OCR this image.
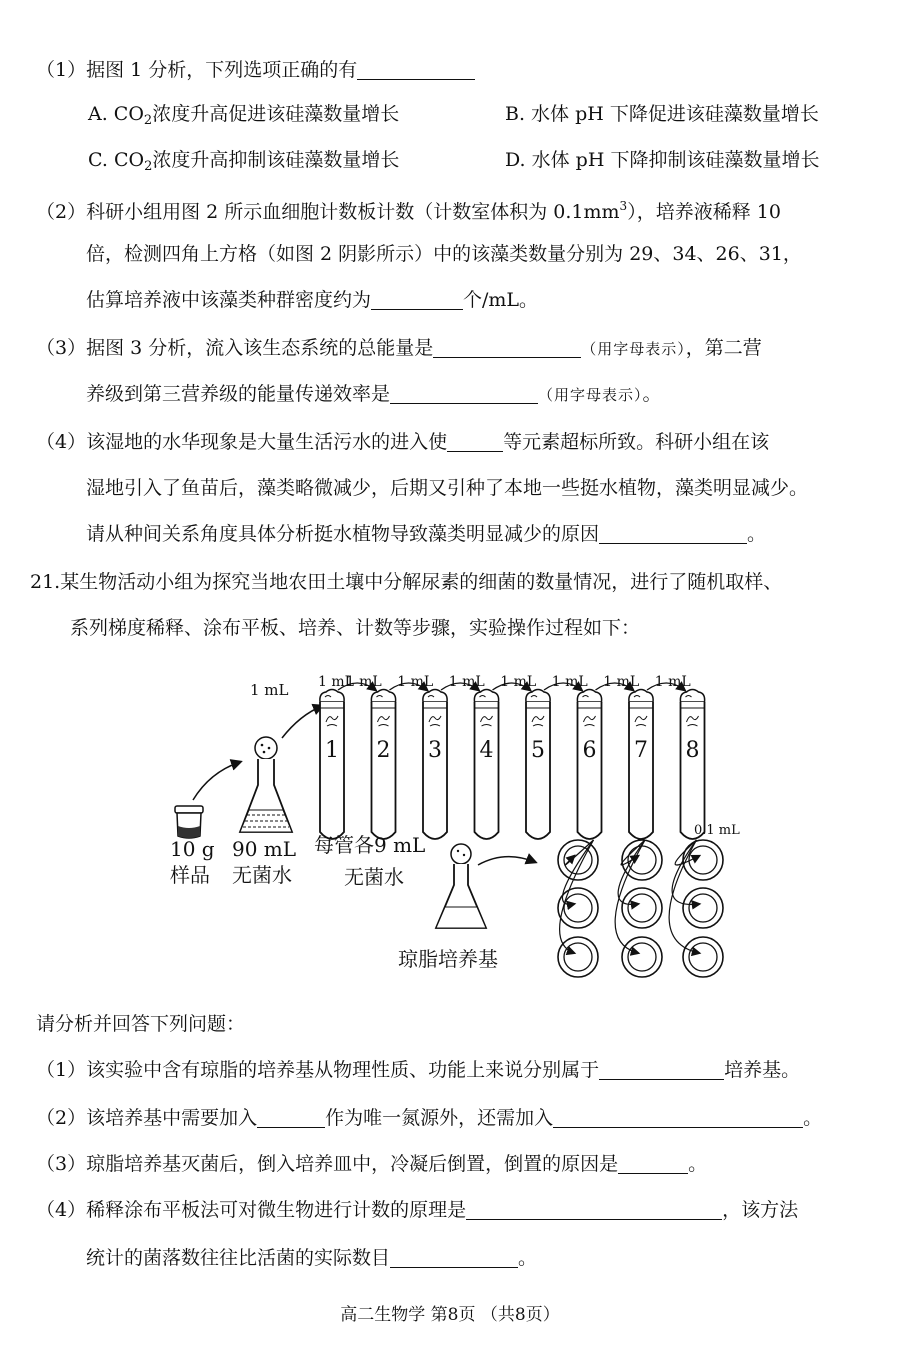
（1）据图 1 分析，下列选项正确的有
A. $CO_2$浓度升高促进该硅藻数量增长	B. 水体 pH 下降促进该硅藻数量增长
C. $CO_2$浓度升高抑制该硅藻数量增长	D. 水体 pH 下降抑制该硅藻数量增长
（2）科研小组用图 2 所示血细胞计数板计数（计数室体积为 $0.1mm^3$），培养液稀释 10
倍，检测四角上方格（如图 2 阴影所示）中的该藻类数量分别为 29、34、26、31，
估算培养液中该藻类种群密度约为	个/mL。
（3）据图 3 分析，流入该生态系统的总能量是	（用字母表示），第二营
养级到第三营养级的能量传递效率是	（用字母表示）。
（4）该湿地的水华现象是大量生活污水的进入使	等元素超标所致。科研小组在该
湿地引入了鱼苗后，藻类略微减少，后期又引种了本地一些挺水植物，藻类明显减少。
请从种间关系角度具体分析挺水植物导致藻类明显减少的原因	。
21.某生物活动小组为探究当地农田土壤中分解尿素的细菌的数量情况，进行了随机取样、
系列梯度稀释、涂布平板、培养、计数等步骤，实验操作过程如下：
1 mL
1
1 mL
2
1 mL
3
1 mL
4
1 mL
5
1 mL
6
1 mL
7
1 mL
8
1 mL
10 g
样品
90 mL
无菌水
每管各9 mL
无菌水
琼脂培养基
0.1 mL
请分析并回答下列问题：
（1）该实验中含有琼脂的培养基从物理性质、功能上来说分别属于	培养基。
（2）该培养基中需要加入	作为唯一氮源外，还需加入	。
（3）琼脂培养基灭菌后，倒入培养皿中，冷凝后倒置，倒置的原因是	。
（4）稀释涂布平板法可对微生物进行计数的原理是	，该方法
统计的菌落数往往比活菌的实际数目	。
高二生物学 第8页 （共8页）
